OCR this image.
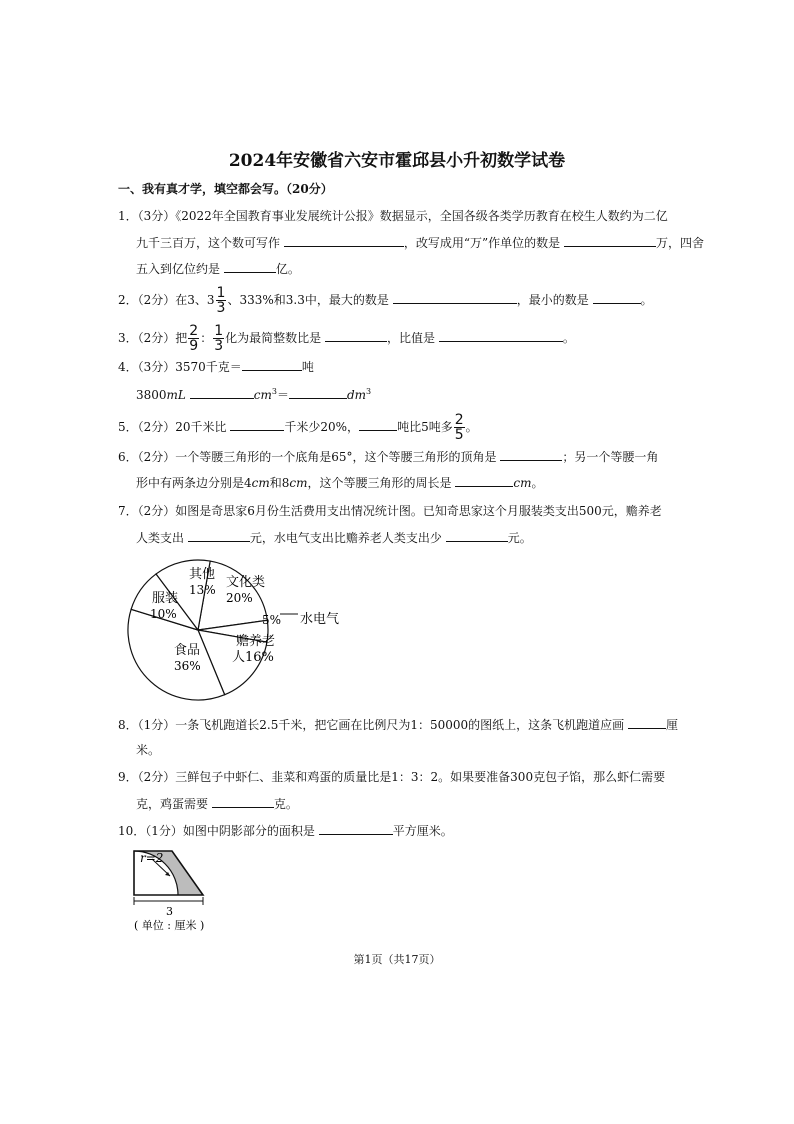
2024年安徽省六安市霍邱县小升初数学试卷
一、我有真才学，填空都会写。（20分）
1．（3分）《2022年全国教育事业发展统计公报》数据显示，全国各级各类学历教育在校生人数约为二亿
九千三百万，这个数可写作	，改写成用“万”作单位的数是	万，四舍
五入到亿位约是	亿。
2．（2分）在3、$3 \frac{1}{3}$ 、333%和3.3中，最大的数是	，最小的数是	。
3．（2分）把 $\frac{2}{9}$ ： $\frac{1}{3}$ 化为最简整数比是	，比值是	。
4．（3分）3570千克＝	吨
3800mL	$cm^3=$	$dm^3$
5．（2分）20千米比	千米少20%，	吨比5吨多 $\frac{2}{5}$ 。
6．（2分）一个等腰三角形的一个底角是65°，这个等腰三角形的顶角是	；另一个等腰一角
形中有两条边分别是4cm和8cm，这个等腰三角形的周长是	cm。
7．（2分）如图是奇思家6月份生活费用支出情况统计图。已知奇思家这个月服装类支出500元，赡养老
人类支出	元，水电气支出比赡养老人类支出少	元。
其他
13% 文化类
20%
服装
10%	5% 水电气
食品
36%
赡养老
人16%
8．（1分）一条飞机跑道长2.5千米，把它画在比例尺为1：50000的图纸上，这条飞机跑道应画	厘
米。
9．（2分）三鲜包子中虾仁、韭菜和鸡蛋的质量比是1：3：2。如果要准备300克包子馅，那么虾仁需要
克，鸡蛋需要	克。
10．（1分）如图中阴影部分的面积是	平方厘米。
r=2
3
( 单位 : 厘米 )
第1页（共17页）
